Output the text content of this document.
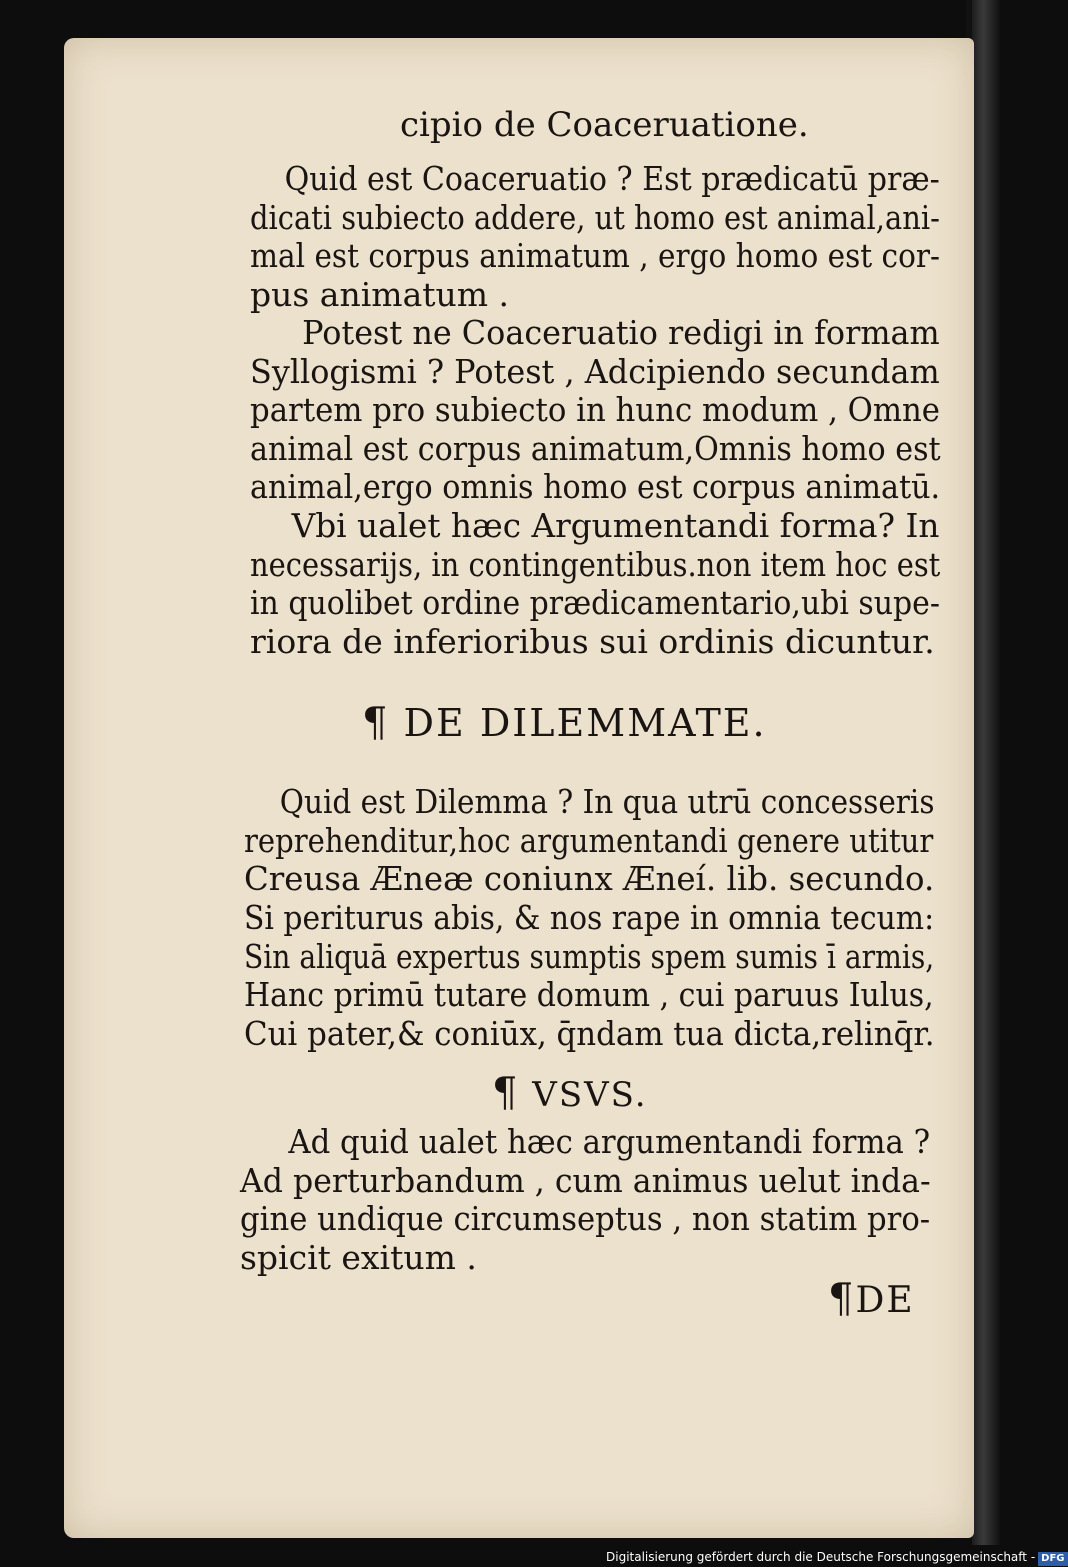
cipio de Coaceruatione.
Quid est Coaceruatio ? Est prædicatū præ-
dicati subiecto addere, ut homo est animal,ani-
mal est corpus animatum , ergo homo est cor-
pus animatum .
Potest ne Coaceruatio redigi in formam
Syllogismi ? Potest , Adcipiendo secundam
partem pro subiecto in hunc modum , Omne
animal est corpus animatum,Omnis homo est
animal,ergo omnis homo est corpus animatū.
Vbi ualet hæc Argumentandi forma? In
necessarijs, in contingentibus.non item hoc est
in quolibet ordine prædicamentario,ubi supe-
riora de inferioribus sui ordinis dicuntur.
¶ DE DILEMMATE.
Quid est Dilemma ? In qua utrū concesseris
reprehenditur,hoc argumentandi genere utitur
Creusa Æneæ coniunx Æneí. lib. secundo.
Si periturus abis, & nos rape in omnia tecum:
Sin aliquā expertus sumptis spem sumis ī armis,
Hanc primū tutare domum , cui paruus Iulus,
Cui pater,& coniūx, q̄ndam tua dicta,relinq̄r.
¶ VSVS.
Ad quid ualet hæc argumentandi forma ?
Ad perturbandum , cum animus uelut inda-
gine undique circumseptus , non statim pro-
spicit exitum .
¶DE
Digitalisierung gefördert durch die Deutsche Forschungsgemeinschaft - DFG
